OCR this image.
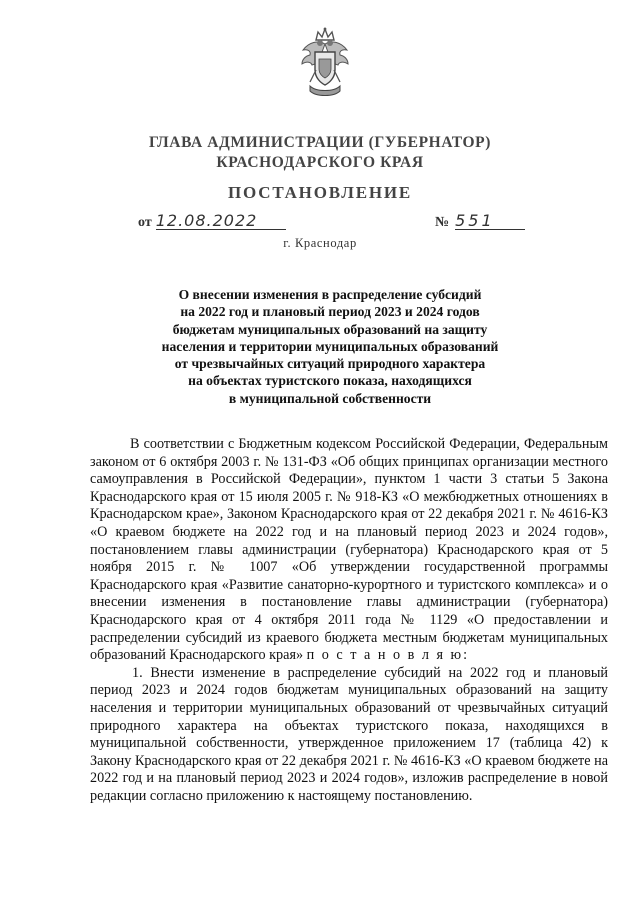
ГЛАВА АДМИНИСТРАЦИИ (ГУБЕРНАТОР)
КРАСНОДАРСКОГО КРАЯ
ПОСТАНОВЛЕНИЕ
от 12.08.2022	№ 551
г. Краснодар
О внесении изменения в распределение субсидий
на 2022 год и плановый период 2023 и 2024 годов
бюджетам муниципальных образований на защиту
населения и территории муниципальных образований
от чрезвычайных ситуаций природного характера
на объектах туристского показа, находящихся
в муниципальной собственности

В соответствии с Бюджетным кодексом Российской Федерации, Федеральным законом от 6 октября 2003 г. № 131-ФЗ «Об общих принципах организации местного самоуправления в Российской Федерации», пунктом 1 части 3 статьи 5 Закона Краснодарского края от 15 июля 2005 г. № 918-КЗ «О межбюджетных отношениях в Краснодарском крае», Законом Краснодарского края от 22 декабря 2021 г. № 4616-КЗ «О краевом бюджете на 2022 год и на плановый период 2023 и 2024 годов», постановлением главы администрации (губернатора) Краснодарского края от 5 ноября 2015 г. № 1007 «Об утверждении государственной программы Краснодарского края «Развитие санаторно-курортного и туристского комплекса» и о внесении изменения в постановление главы администрации (губернатора) Краснодарского края от 4 октября 2011 года № 1129 «О предоставлении и распределении субсидий из краевого бюджета местным бюджетам муниципальных образований Краснодарского края» п о с т а н о в л я ю:

1. Внести изменение в распределение субсидий на 2022 год и плановый период 2023 и 2024 годов бюджетам муниципальных образований на защиту населения и территории муниципальных образований от чрезвычайных ситуаций природного характера на объектах туристского показа, находящихся в муниципальной собственности, утвержденное приложением 17 (таблица 42) к Закону Краснодарского края от 22 декабря 2021 г. № 4616-КЗ «О краевом бюджете на 2022 год и на плановый период 2023 и 2024 годов», изложив распределение в новой редакции согласно приложению к настоящему постановлению.
